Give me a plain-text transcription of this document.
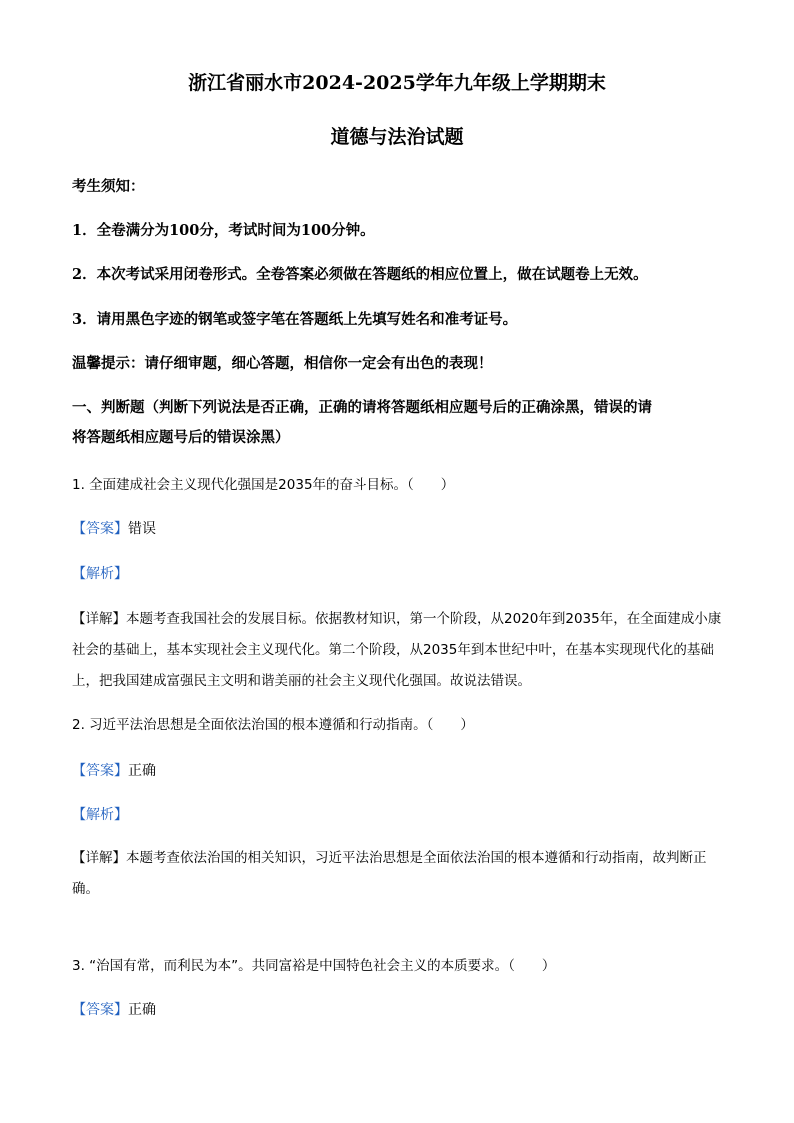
浙江省丽水市2024-2025学年九年级上学期期末
道德与法治试题
考生须知：
1．全卷满分为100分，考试时间为100分钟。
2．本次考试采用闭卷形式。全卷答案必须做在答题纸的相应位置上，做在试题卷上无效。
3．请用黑色字迹的钢笔或签字笔在答题纸上先填写姓名和准考证号。
温馨提示：请仔细审题，细心答题，相信你一定会有出色的表现！
一、判断题（判断下列说法是否正确，正确的请将答题纸相应题号后的正确涂黑，错误的请
将答题纸相应题号后的错误涂黑）
1. 全面建成社会主义现代化强国是2035年的奋斗目标。（　　）
【答案】错误
【解析】
【详解】本题考查我国社会的发展目标。依据教材知识，第一个阶段，从2020年到2035年，在全面建成小康社会的基础上，基本实现社会主义现代化。第二个阶段，从2035年到本世纪中叶，在基本实现现代化的基础上，把我国建成富强民主文明和谐美丽的社会主义现代化强国。故说法错误。
2. 习近平法治思想是全面依法治国的根本遵循和行动指南。（　　）
【答案】正确
【解析】
【详解】本题考查依法治国的相关知识，习近平法治思想是全面依法治国的根本遵循和行动指南，故判断正确。
3. “治国有常，而利民为本”。共同富裕是中国特色社会主义的本质要求。（　　）
【答案】正确
